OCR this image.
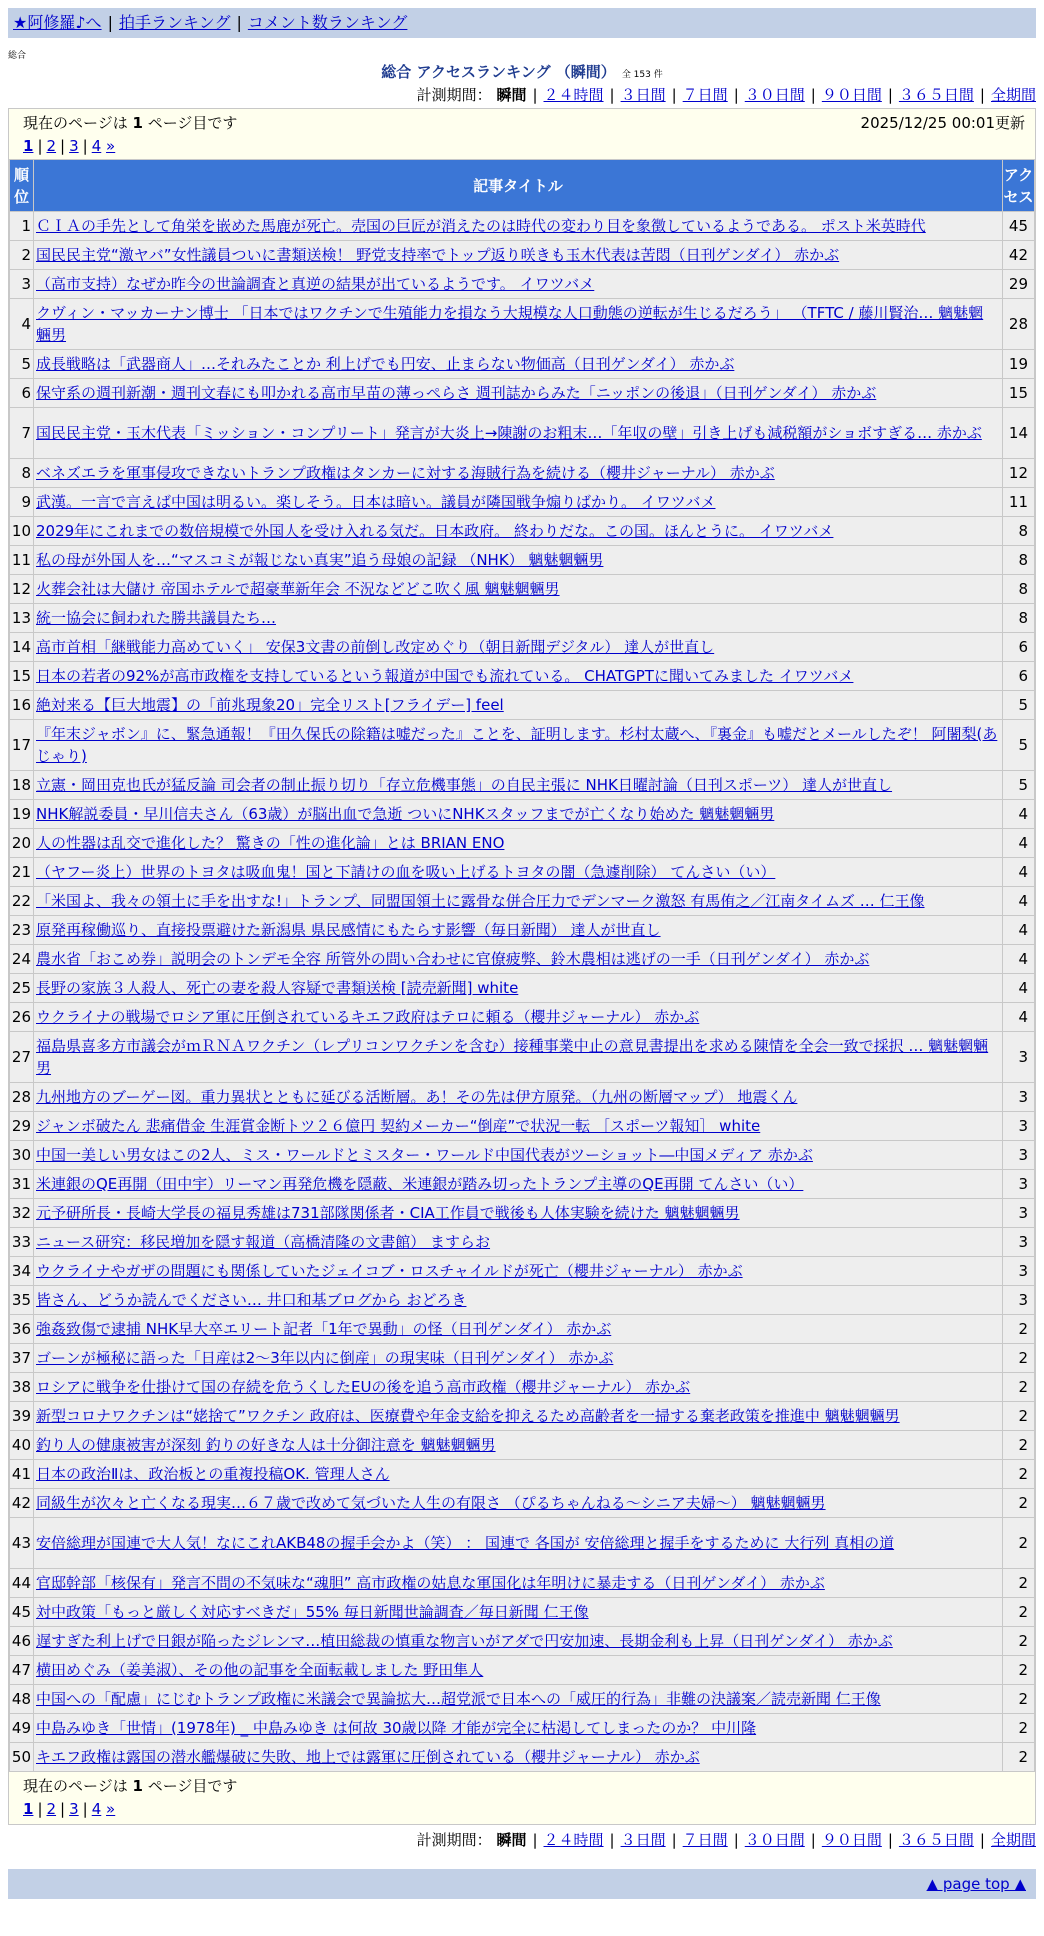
★阿修羅♪へ | 拍手ランキング | コメント数ランキング
総合
総合 アクセスランキング （瞬間） 全 153 件
計測期間： 瞬間 | ２４時間 | ３日間 | ７日間 | ３０日間 | ９０日間 | ３６５日間 | 全期間
現在のページは 1 ページ目です	2025/12/25 00:01更新
1 | 2 | 3 | 4 »
順位	記事タイトル	アクセス
1	ＣＩＡの手先として角栄を嵌めた馬鹿が死亡。売国の巨匠が消えたのは時代の変わり目を象徴しているようである。 ポスト米英時代	45
2	国民民主党“激ヤバ”女性議員ついに書類送検！ 野党支持率でトップ返り咲きも玉木代表は苦悶（日刊ゲンダイ） 赤かぶ	42
3	（高市支持）なぜか昨今の世論調査と真逆の結果が出ているようです。 イワツバメ	29
4	クヴィン・マッカーナン博士 「日本ではワクチンで生殖能力を損なう大規模な人口動態の逆転が生じるだろう」 （TFTC / 藤川賢治… 魑魅魍魎男	28
5	成長戦略は「武器商人」…それみたことか 利上げでも円安、止まらない物価高（日刊ゲンダイ） 赤かぶ	19
6	保守系の週刊新潮・週刊文春にも叩かれる高市早苗の薄っぺらさ 週刊誌からみた「ニッポンの後退」（日刊ゲンダイ） 赤かぶ	15
7	国民民主党・玉木代表「ミッション・コンプリート」発言が大炎上→陳謝のお粗末…「年収の壁」引き上げも減税額がショボすぎる… 赤かぶ	14
8	ベネズエラを軍事侵攻できないトランプ政権はタンカーに対する海賊行為を続ける（櫻井ジャーナル） 赤かぶ	12
9	武漢。一言で言えば中国は明るい。楽しそう。日本は暗い。議員が隣国戦争煽りばかり。 イワツバメ	11
10	2029年にこれまでの数倍規模で外国人を受け入れる気だ。日本政府。 終わりだな。この国。ほんとうに。 イワツバメ	8
11	私の母が外国人を…“マスコミが報じない真実”追う母娘の記録 （NHK） 魑魅魍魎男	8
12	火葬会社は大儲け 帝国ホテルで超豪華新年会 不況などどこ吹く風 魑魅魍魎男	8
13	統一協会に飼われた勝共議員たち…	8
14	高市首相「継戦能力高めていく」 安保3文書の前倒し改定めぐり（朝日新聞デジタル） 達人が世直し	6
15	日本の若者の92%が高市政権を支持しているという報道が中国でも流れている。 CHATGPTに聞いてみました イワツバメ	6
16	絶対来る【巨大地震】の「前兆現象20」完全リスト[フライデー] feel	5
17	『年末ジャボン』に、緊急通報！『田久保氏の除籍は嘘だった』ことを、証明します。杉村太蔵へ、『裏金』も嘘だとメールしたぞ！ 阿闍梨(あじゃり)	5
18	立憲・岡田克也氏が猛反論 司会者の制止振り切り「存立危機事態」の自民主張に NHK日曜討論（日刊スポーツ） 達人が世直し	5
19	NHK解説委員・早川信夫さん（63歳）が脳出血で急逝 ついにNHKスタッフまでが亡くなり始めた 魑魅魍魎男	4
20	人の性器は乱交で進化した？ 驚きの「性の進化論」とは BRIAN ENO	4
21	（ヤフー炎上）世界のトヨタは吸血鬼！国と下請けの血を吸い上げるトヨタの闇（急遽削除） てんさい（い）	4
22	「米国よ、我々の領土に手を出すな!」トランプ、同盟国領土に露骨な併合圧力でデンマーク激怒 有馬侑之／江南タイムズ … 仁王像	4
23	原発再稼働巡り、直接投票避けた新潟県 県民感情にもたらす影響（毎日新聞） 達人が世直し	4
24	農水省「おこめ券」説明会のトンデモ全容 所管外の問い合わせに官僚疲弊、鈴木農相は逃げの一手（日刊ゲンダイ） 赤かぶ	4
25	長野の家族３人殺人、死亡の妻を殺人容疑で書類送検 [読売新聞] white	4
26	ウクライナの戦場でロシア軍に圧倒されているキエフ政府はテロに頼る（櫻井ジャーナル） 赤かぶ	4
27	福島県喜多方市議会がｍＲＮＡワクチン（レプリコンワクチンを含む）接種事業中止の意見書提出を求める陳情を全会一致で採択 … 魑魅魍魎男	3
28	九州地方のブーゲー図。重力異状とともに延びる活断層。あ！その先は伊方原発。（九州の断層マップ） 地震くん	3
29	ジャンボ破たん 悲痛借金 生涯賞金断トツ２６億円 契約メーカー“倒産”で状況一転 ［スポーツ報知］ white	3
30	中国一美しい男女はこの2人、ミス・ワールドとミスター・ワールド中国代表がツーショット―中国メディア 赤かぶ	3
31	米連銀のQE再開（田中宇）リーマン再発危機を隠蔽、米連銀が踏み切ったトランプ主導のQE再開 てんさい（い）	3
32	元予研所長・長崎大学長の福見秀雄は731部隊関係者・CIA工作員で戦後も人体実験を続けた 魑魅魍魎男	3
33	ニュース研究：移民増加を隠す報道（高橋清隆の文書館） ますらお	3
34	ウクライナやガザの問題にも関係していたジェイコブ・ロスチャイルドが死亡（櫻井ジャーナル） 赤かぶ	3
35	皆さん、どうか読んでください… 井口和基ブログから おどろき	3
36	強姦致傷で逮捕 NHK早大卒エリート記者「1年で異動」の怪（日刊ゲンダイ） 赤かぶ	2
37	ゴーンが極秘に語った「日産は2～3年以内に倒産」の現実味（日刊ゲンダイ） 赤かぶ	2
38	ロシアに戦争を仕掛けて国の存続を危うくしたEUの後を追う高市政権（櫻井ジャーナル） 赤かぶ	2
39	新型コロナワクチンは“姥捨て”ワクチン 政府は、医療費や年金支給を抑えるため高齢者を一掃する棄老政策を推進中 魑魅魍魎男	2
40	釣り人の健康被害が深刻 釣りの好きな人は十分御注意を 魑魅魍魎男	2
41	日本の政治Ⅱは、政治板との重複投稿OK. 管理人さん	2
42	同級生が次々と亡くなる現実…６７歳で改めて気づいた人生の有限さ （ぴるちゃんねる～シニア夫婦～） 魑魅魍魎男	2
43	安倍総理が国連で大人気！なにこれAKB48の握手会かよ（笑） ： 国連で 各国が 安倍総理と握手をするために 大行列 真相の道	2
44	官邸幹部「核保有」発言不問の不気味な“魂胆” 高市政権の姑息な軍国化は年明けに暴走する（日刊ゲンダイ） 赤かぶ	2
45	対中政策「もっと厳しく対応すべきだ」55% 毎日新聞世論調査／毎日新聞 仁王像	2
46	遅すぎた利上げで日銀が陥ったジレンマ…植田総裁の慎重な物言いがアダで円安加速、長期金利も上昇（日刊ゲンダイ） 赤かぶ	2
47	横田めぐみ（姜美淑）、その他の記事を全面転載しました 野田隼人	2
48	中国への「配慮」にじむトランプ政権に米議会で異論拡大…超党派で日本への「威圧的行為」非難の決議案／読売新聞 仁王像	2
49	中島みゆき「世情」(1978年) _ 中島みゆき は何故 30歳以降 才能が完全に枯渇してしまったのか？ 中川隆	2
50	キエフ政権は露国の潜水艦爆破に失敗、地上では露軍に圧倒されている（櫻井ジャーナル） 赤かぶ	2
現在のページは 1 ページ目です
1 | 2 | 3 | 4 »
計測期間： 瞬間 | ２４時間 | ３日間 | ７日間 | ３０日間 | ９０日間 | ３６５日間 | 全期間
▲ page top ▲
